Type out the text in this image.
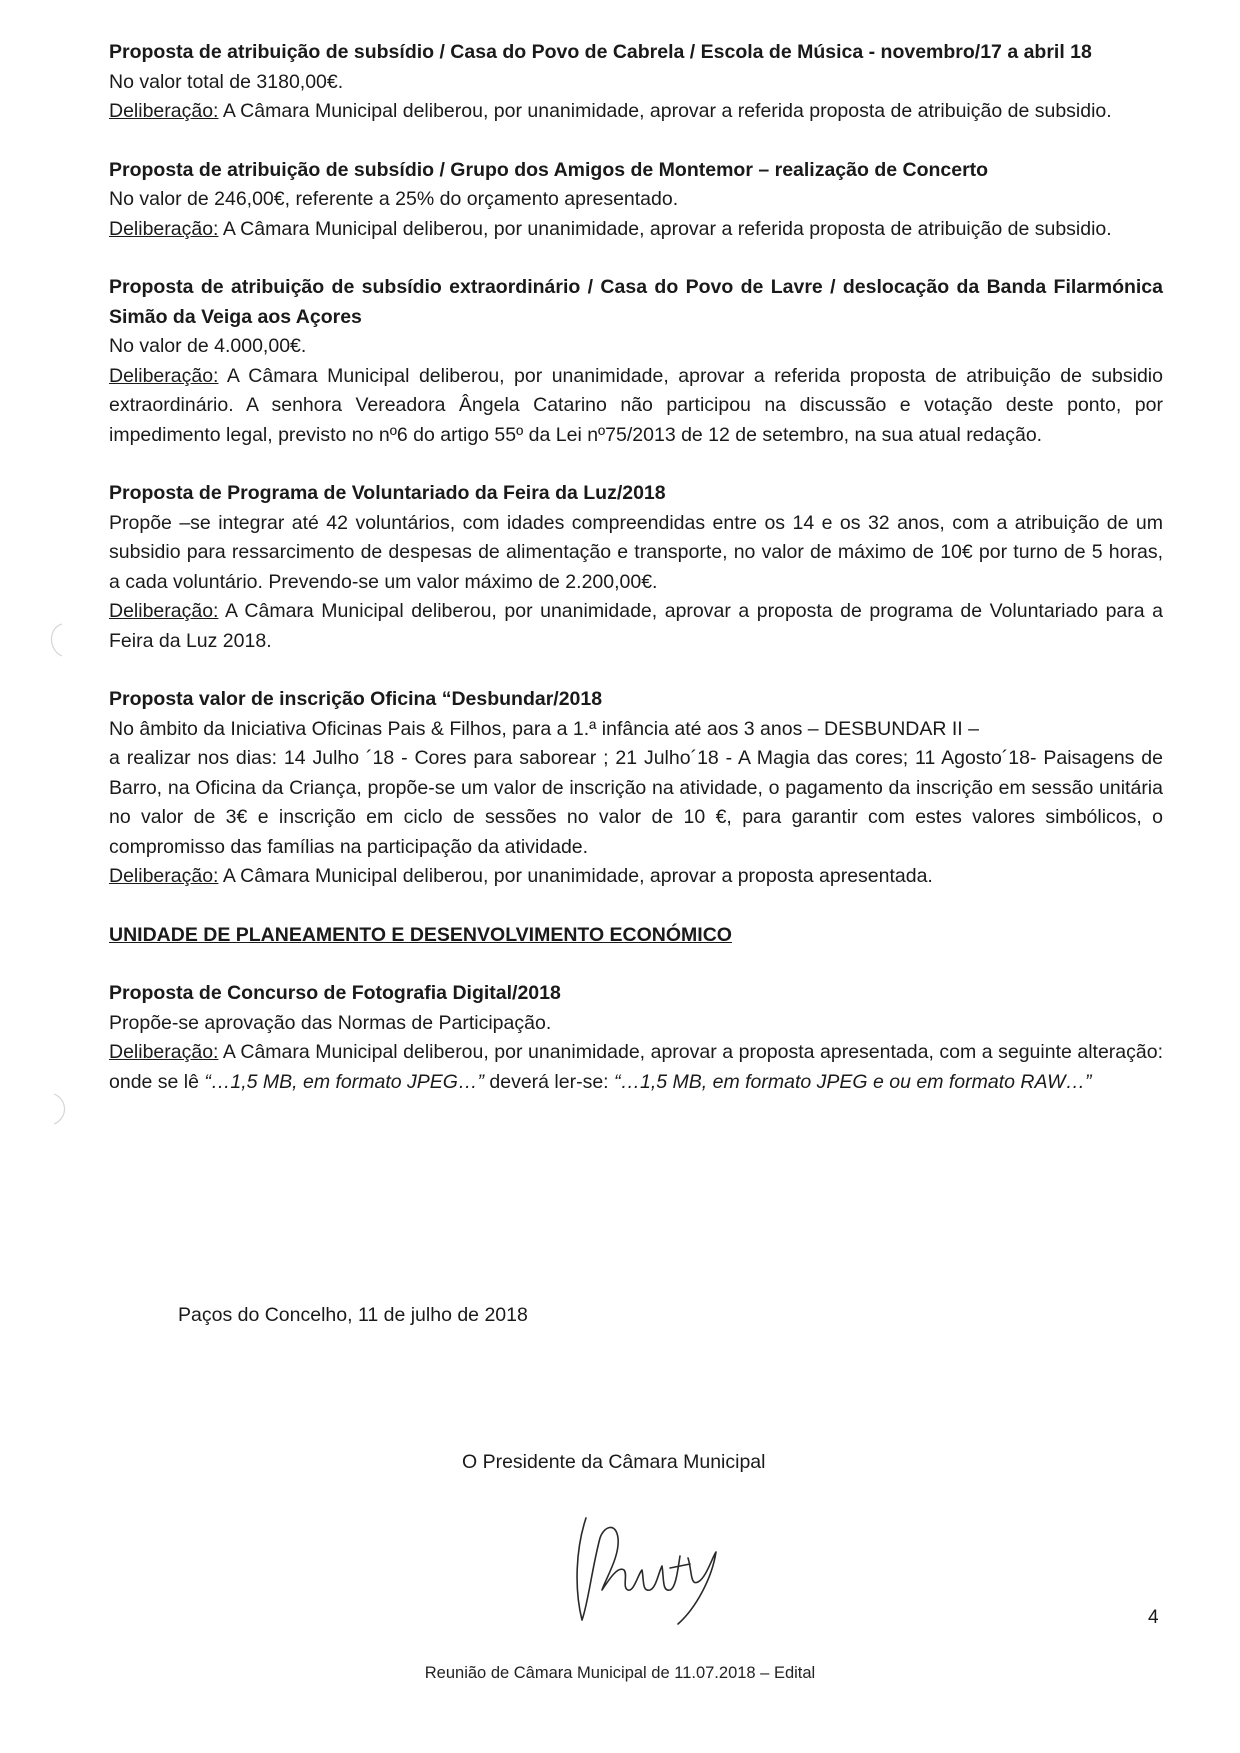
Proposta de atribuição de subsídio / Casa do Povo de Cabrela / Escola de Música - novembro/17 a abril 18
No valor total de 3180,00€.
Deliberação: A Câmara Municipal deliberou, por unanimidade, aprovar a referida proposta de atribuição de subsidio.
Proposta de atribuição de subsídio / Grupo dos Amigos de Montemor – realização de Concerto
No valor de 246,00€, referente a 25% do orçamento apresentado.
Deliberação: A Câmara Municipal deliberou, por unanimidade, aprovar a referida proposta de atribuição de subsidio.
Proposta de atribuição de subsídio extraordinário / Casa do Povo de Lavre / deslocação da Banda Filarmónica Simão da Veiga aos Açores
No valor de 4.000,00€.
Deliberação: A Câmara Municipal deliberou, por unanimidade, aprovar a referida proposta de atribuição de subsidio extraordinário. A senhora Vereadora Ângela Catarino não participou na discussão e votação deste ponto, por impedimento legal, previsto no nº6 do artigo 55º da Lei nº75/2013 de 12 de setembro, na sua atual redação.
Proposta de Programa de Voluntariado da Feira da Luz/2018
Propõe –se integrar até 42 voluntários, com idades compreendidas entre os 14 e os 32 anos, com a atribuição de um subsidio para ressarcimento de despesas de alimentação e transporte, no valor de máximo de 10€ por turno de 5 horas, a cada voluntário. Prevendo-se um valor máximo de 2.200,00€.
Deliberação: A Câmara Municipal deliberou, por unanimidade, aprovar a proposta de programa de Voluntariado para a Feira da Luz 2018.
Proposta valor de inscrição Oficina “Desbundar/2018
No âmbito da Iniciativa Oficinas Pais & Filhos, para a 1.ª infância até aos 3 anos – DESBUNDAR II –
a realizar nos dias: 14 Julho ´18 - Cores para saborear ; 21 Julho´18 - A Magia das cores; 11 Agosto´18- Paisagens de Barro, na Oficina da Criança, propõe-se um valor de inscrição na atividade, o pagamento da inscrição em sessão unitária no valor de 3€ e inscrição em ciclo de sessões no valor de 10 €, para garantir com estes valores simbólicos, o compromisso das famílias na participação da atividade.
Deliberação: A Câmara Municipal deliberou, por unanimidade, aprovar a proposta apresentada.
UNIDADE DE PLANEAMENTO E DESENVOLVIMENTO ECONÓMICO
Proposta de Concurso de Fotografia Digital/2018
Propõe-se aprovação das Normas de Participação.
Deliberação: A Câmara Municipal deliberou, por unanimidade, aprovar a proposta apresentada, com a seguinte alteração: onde se lê “…1,5 MB, em formato JPEG…” deverá ler-se: “…1,5 MB, em formato JPEG e ou em formato RAW…”
Paços do Concelho, 11 de julho de 2018
O Presidente da Câmara Municipal
4
Reunião de Câmara Municipal de 11.07.2018 – Edital
